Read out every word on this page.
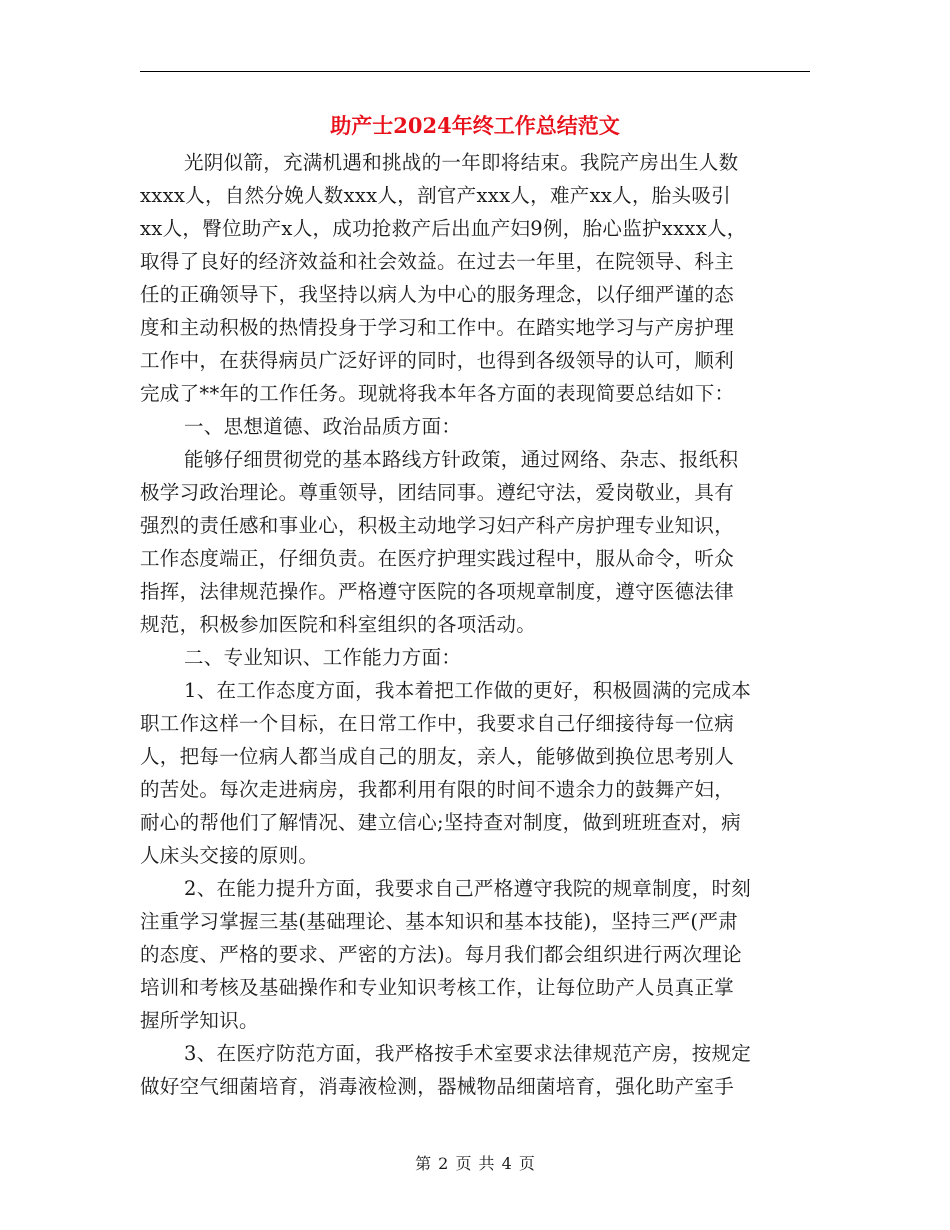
助产士2024年终工作总结范文
光阴似箭，充满机遇和挑战的一年即将结束。我院产房出生人数
xxxx人，自然分娩人数xxx人，剖官产xxx人，难产xx人，胎头吸引
xx人，臀位助产x人，成功抢救产后出血产妇9例，胎心监护xxxx人，
取得了良好的经济效益和社会效益。在过去一年里，在院领导、科主
任的正确领导下，我坚持以病人为中心的服务理念，以仔细严谨的态
度和主动积极的热情投身于学习和工作中。在踏实地学习与产房护理
工作中，在获得病员广泛好评的同时，也得到各级领导的认可，顺利
完成了**年的工作任务。现就将我本年各方面的表现简要总结如下：
一、思想道德、政治品质方面：
能够仔细贯彻党的基本路线方针政策，通过网络、杂志、报纸积
极学习政治理论。尊重领导，团结同事。遵纪守法，爱岗敬业，具有
强烈的责任感和事业心，积极主动地学习妇产科产房护理专业知识，
工作态度端正，仔细负责。在医疗护理实践过程中，服从命令，听众
指挥，法律规范操作。严格遵守医院的各项规章制度，遵守医德法律
规范，积极参加医院和科室组织的各项活动。
二、专业知识、工作能力方面：
1、在工作态度方面，我本着把工作做的更好，积极圆满的完成本
职工作这样一个目标，在日常工作中，我要求自己仔细接待每一位病
人，把每一位病人都当成自己的朋友，亲人，能够做到换位思考别人
的苦处。每次走进病房，我都利用有限的时间不遗余力的鼓舞产妇，
耐心的帮他们了解情况、建立信心;坚持查对制度，做到班班查对，病
人床头交接的原则。
2、在能力提升方面，我要求自己严格遵守我院的规章制度，时刻
注重学习掌握三基(基础理论、基本知识和基本技能)，坚持三严(严肃
的态度、严格的要求、严密的方法)。每月我们都会组织进行两次理论
培训和考核及基础操作和专业知识考核工作，让每位助产人员真正掌
握所学知识。
3、在医疗防范方面，我严格按手术室要求法律规范产房，按规定
做好空气细菌培育，消毒液检测，器械物品细菌培育，强化助产室手
第 2 页 共 4 页
